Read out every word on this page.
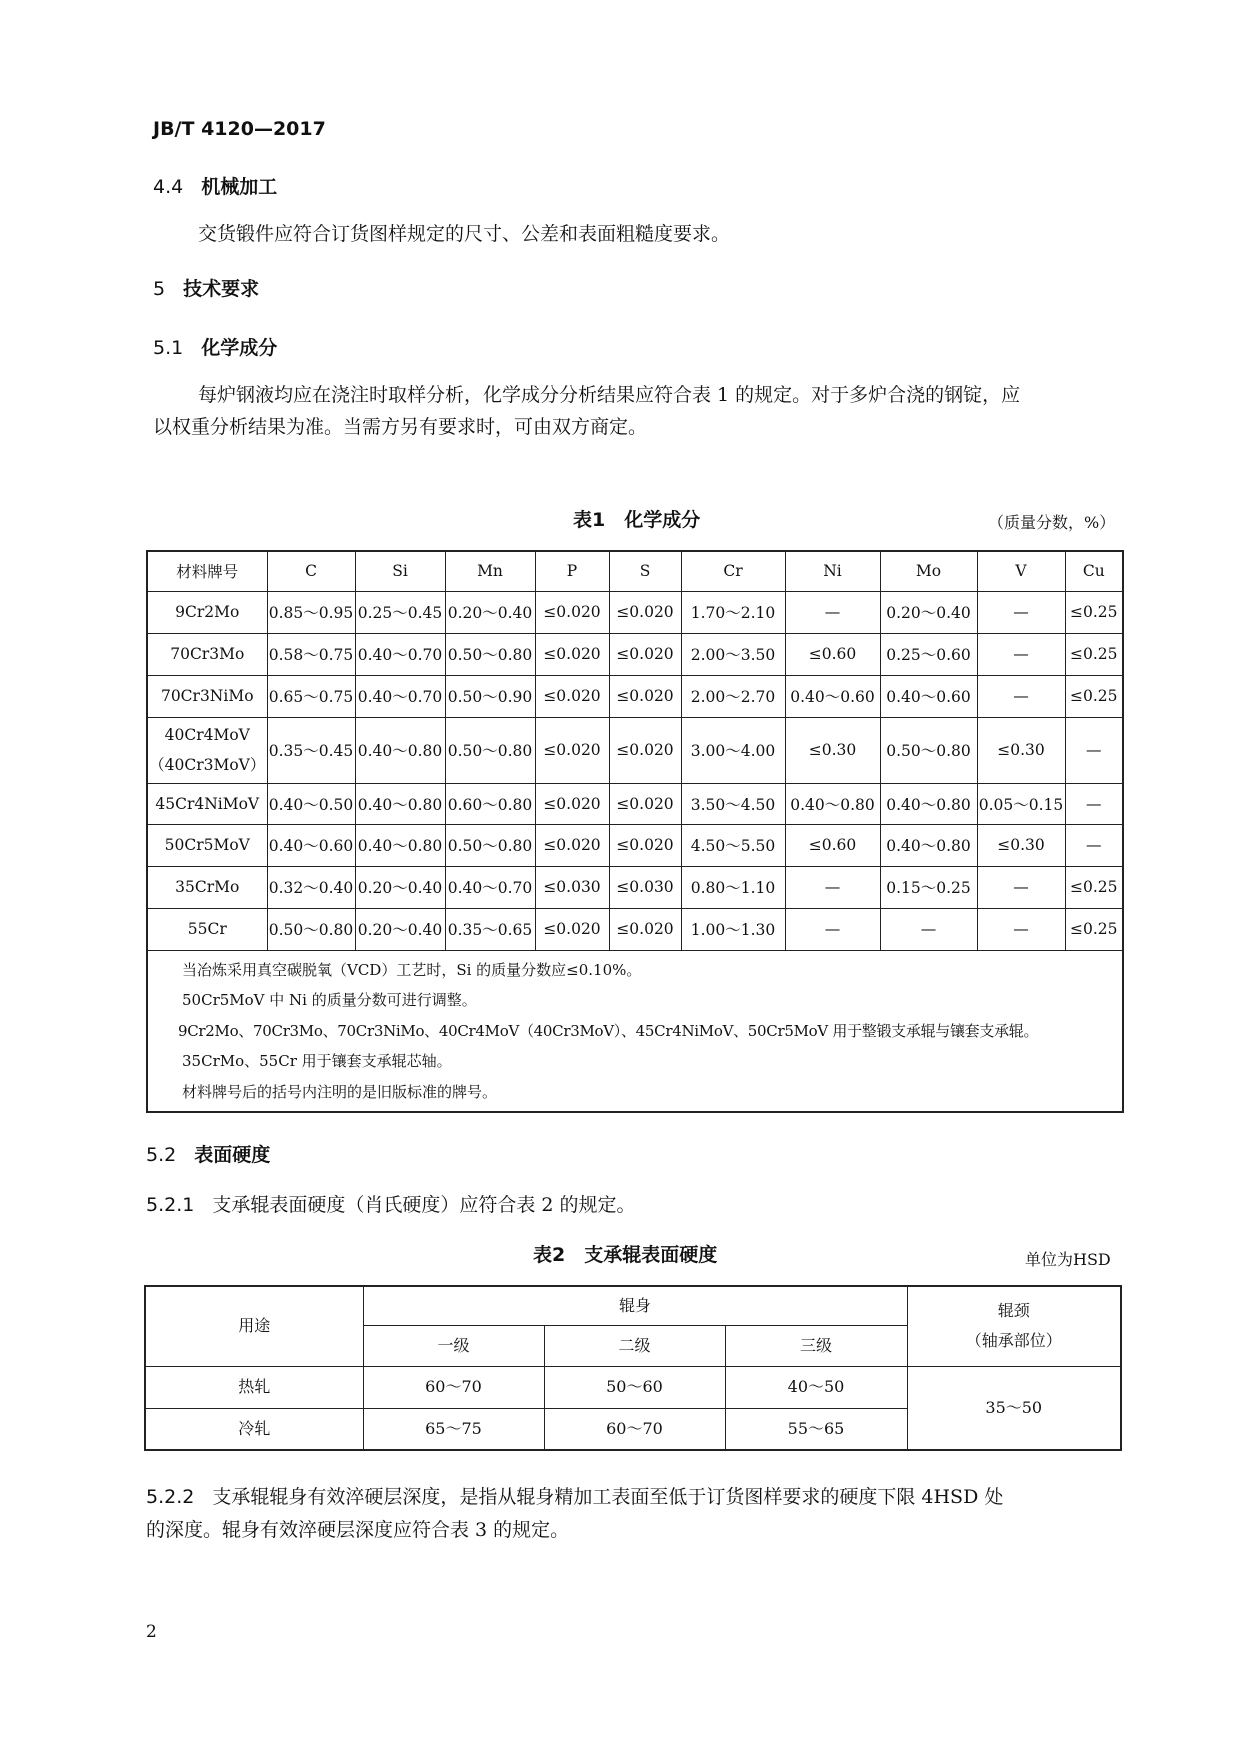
JB/T 4120—2017
4.4 机械加工
交货锻件应符合订货图样规定的尺寸、公差和表面粗糙度要求。
5 技术要求
5.1 化学成分
每炉钢液均应在浇注时取样分析，化学成分分析结果应符合表 1 的规定。对于多炉合浇的钢锭，应
以权重分析结果为准。当需方另有要求时，可由双方商定。
表1　化学成分	（质量分数，%）
材料牌号	C	Si	Mn	P	S	Cr	Ni	Mo	V	Cu
9Cr2Mo	0.85～0.95	0.25～0.45	0.20～0.40	≤0.020	≤0.020	1.70～2.10	—	0.20～0.40	—	≤0.25
70Cr3Mo	0.58～0.75	0.40～0.70	0.50～0.80	≤0.020	≤0.020	2.00～3.50	≤0.60	0.25～0.60	—	≤0.25
70Cr3NiMo	0.65～0.75	0.40～0.70	0.50～0.90	≤0.020	≤0.020	2.00～2.70	0.40～0.60	0.40～0.60	—	≤0.25
40Cr4MoV
（40Cr3MoV）	0.35～0.45	0.40～0.80	0.50～0.80	≤0.020	≤0.020	3.00～4.00	≤0.30	0.50～0.80	≤0.30	—
45Cr4NiMoV	0.40～0.50	0.40～0.80	0.60～0.80	≤0.020	≤0.020	3.50～4.50	0.40～0.80	0.40～0.80	0.05～0.15	—
50Cr5MoV	0.40～0.60	0.40～0.80	0.50～0.80	≤0.020	≤0.020	4.50～5.50	≤0.60	0.40～0.80	≤0.30	—
35CrMo	0.32～0.40	0.20～0.40	0.40～0.70	≤0.030	≤0.030	0.80～1.10	—	0.15～0.25	—	≤0.25
55Cr	0.50～0.80	0.20～0.40	0.35～0.65	≤0.020	≤0.020	1.00～1.30	—	—	—	≤0.25

当冶炼采用真空碳脱氧（VCD）工艺时，Si 的质量分数应≤0.10%。
50Cr5MoV 中 Ni 的质量分数可进行调整。
9Cr2Mo、70Cr3Mo、70Cr3NiMo、40Cr4MoV（40Cr3MoV）、45Cr4NiMoV、50Cr5MoV 用于整锻支承辊与镶套支承辊。
35CrMo、55Cr 用于镶套支承辊芯轴。
材料牌号后的括号内注明的是旧版标准的牌号。										
5.2 表面硬度
5.2.1 支承辊表面硬度（肖氏硬度）应符合表 2 的规定。
表2　支承辊表面硬度	单位为HSD
用途	辊身			辊颈
（轴承部位）

	一级	二级	三级	
热轧	60～70	50～60	40～50	35～50
冷轧	65～75	60～70	55～65	
5.2.2 支承辊辊身有效淬硬层深度，是指从辊身精加工表面至低于订货图样要求的硬度下限 4HSD 处
的深度。辊身有效淬硬层深度应符合表 3 的规定。
2
